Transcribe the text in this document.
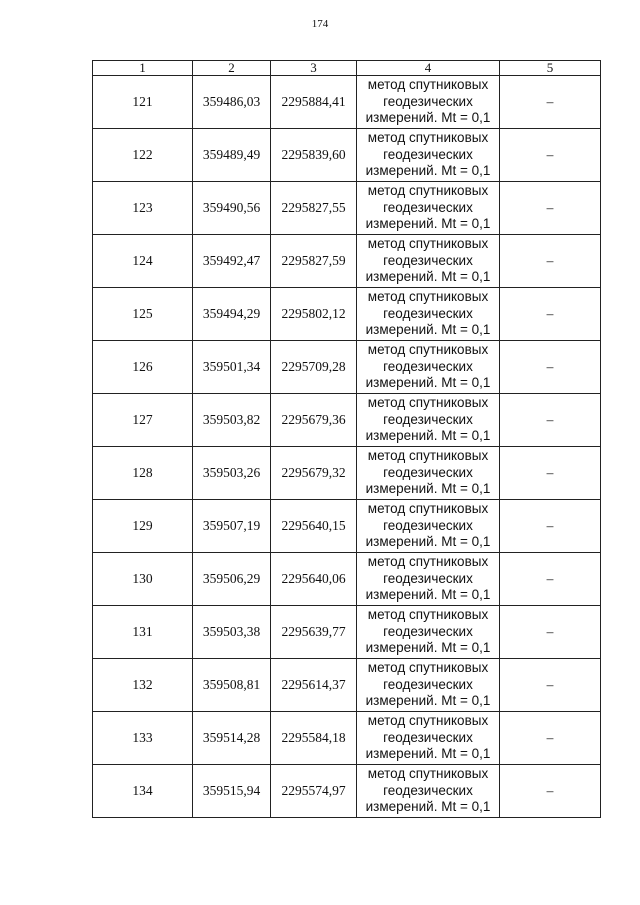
174
1	2	3	4	5
121	359486,03	2295884,41	метод спутниковых
геодезических
измерений. Mt = 0,1	–
122	359489,49	2295839,60	метод спутниковых
геодезических
измерений. Mt = 0,1	–
123	359490,56	2295827,55	метод спутниковых
геодезических
измерений. Mt = 0,1	–
124	359492,47	2295827,59	метод спутниковых
геодезических
измерений. Mt = 0,1	–
125	359494,29	2295802,12	метод спутниковых
геодезических
измерений. Mt = 0,1	–
126	359501,34	2295709,28	метод спутниковых
геодезических
измерений. Mt = 0,1	–
127	359503,82	2295679,36	метод спутниковых
геодезических
измерений. Mt = 0,1	–
128	359503,26	2295679,32	метод спутниковых
геодезических
измерений. Mt = 0,1	–
129	359507,19	2295640,15	метод спутниковых
геодезических
измерений. Mt = 0,1	–
130	359506,29	2295640,06	метод спутниковых
геодезических
измерений. Mt = 0,1	–
131	359503,38	2295639,77	метод спутниковых
геодезических
измерений. Mt = 0,1	–
132	359508,81	2295614,37	метод спутниковых
геодезических
измерений. Mt = 0,1	–
133	359514,28	2295584,18	метод спутниковых
геодезических
измерений. Mt = 0,1	–
134	359515,94	2295574,97	метод спутниковых
геодезических
измерений. Mt = 0,1	–
